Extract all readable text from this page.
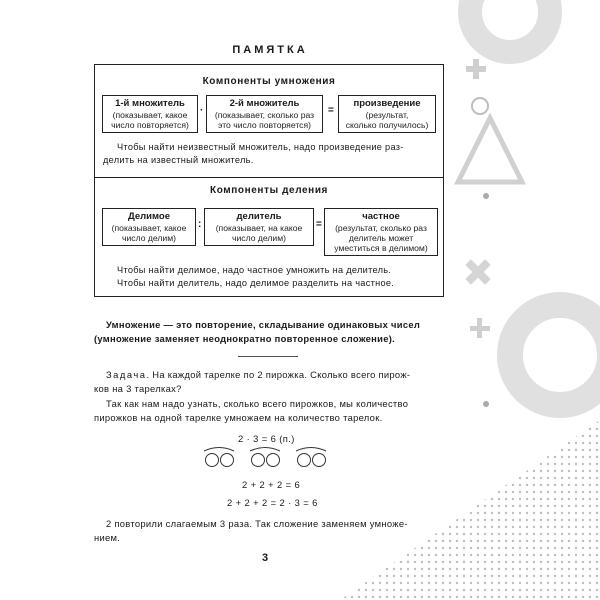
ПАМЯТКА
Компоненты умножения
1-й множитель
(показывает, какое
число повторяется)
·
2-й множитель
(показывает, сколько раз
это число повторяется)
=
произведение
(результат,
сколько получилось)
Чтобы найти неизвестный множитель, надо произведение раз-
делить на известный множитель.
Компоненты деления
Делимое
(показывает, какое
число делим)
:
делитель
(показывает, на какое
число делим)
=
частное
(результат, сколько раз
делитель может
уместиться в делимом)
Чтобы найти делимое, надо частное умножить на делитель.
Чтобы найти делитель, надо делимое разделить на частное.
Умножение — это повторение, складывание одинаковых чисел
(умножение заменяет неоднократно повторенное сложение).
Задача. На каждой тарелке по 2 пирожка. Сколько всего пирож-
ков на 3 тарелках?
Так как нам надо узнать, сколько всего пирожков, мы количество
пирожков на одной тарелке умножаем на количество тарелок.
2 · 3 = 6 (п.)
2 + 2 + 2 = 6
2 + 2 + 2 = 2 · 3 = 6
2 повторили слагаемым 3 раза. Так сложение заменяем умноже-
нием.
3
